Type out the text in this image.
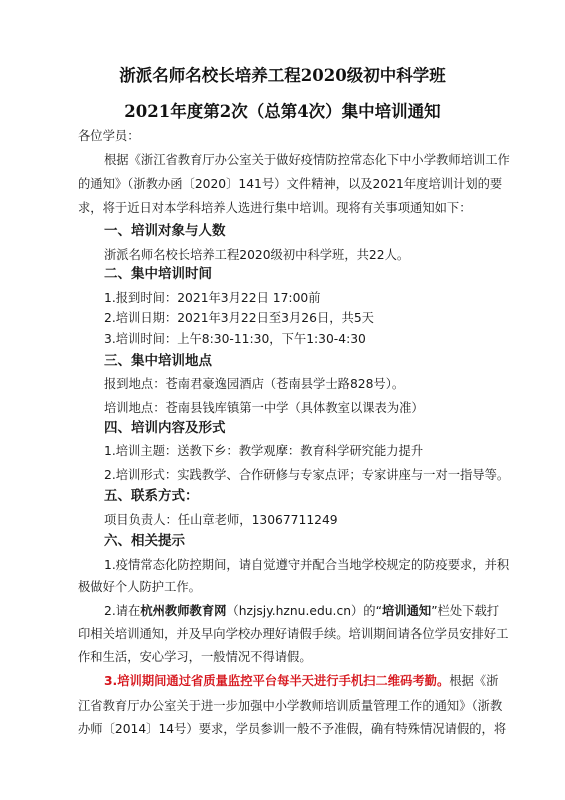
浙派名师名校长培养工程2020级初中科学班
2021年度第2次（总第4次）集中培训通知
各位学员：
根据《浙江省教育厅办公室关于做好疫情防控常态化下中小学教师培训工作
的通知》（浙教办函〔2020〕141号）文件精神，以及2021年度培训计划的要
求，将于近日对本学科培养人选进行集中培训。现将有关事项通知如下：
一、培训对象与人数
浙派名师名校长培养工程2020级初中科学班，共22人。
二、集中培训时间
1.报到时间：2021年3月22日 17:00前
2.培训日期：2021年3月22日至3月26日，共5天
3.培训时间：上午8:30-11:30，下午1:30-4:30
三、集中培训地点
报到地点：苍南君豪逸园酒店（苍南县学士路828号）。
培训地点：苍南县钱库镇第一中学（具体教室以课表为准）
四、培训内容及形式
1.培训主题：送教下乡：教学观摩：教育科学研究能力提升
2.培训形式：实践教学、合作研修与专家点评；专家讲座与一对一指导等。
五、联系方式：
项目负责人：任山章老师，13067711249
六、相关提示
1.疫情常态化防控期间，请自觉遵守并配合当地学校规定的防疫要求，并积
极做好个人防护工作。
2.请在杭州教师教育网（hzjsjy.hznu.edu.cn）的“培训通知”栏处下载打
印相关培训通知，并及早向学校办理好请假手续。培训期间请各位学员安排好工
作和生活，安心学习，一般情况不得请假。
3.培训期间通过省质量监控平台每半天进行手机扫二维码考勤。根据《浙
江省教育厅办公室关于进一步加强中小学教师培训质量管理工作的通知》（浙教
办师〔2014〕14号）要求，学员参训一般不予准假，确有特殊情况请假的，将
